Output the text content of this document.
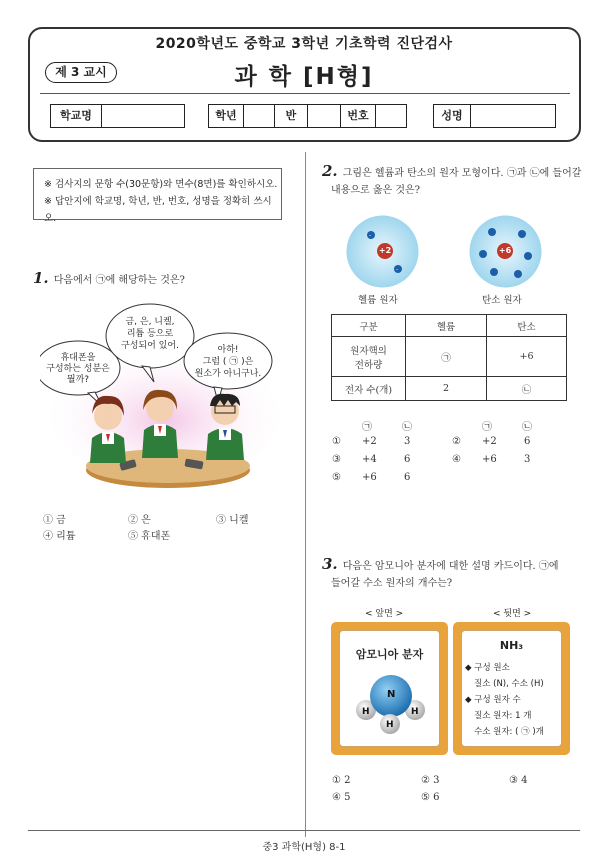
2020학년도 중학교 3학년 기초학력 진단검사
제 3 교시	과 학 [H형]
학교명	학년	반	번호	성명
※ 검사지의 문항 수(30문항)와 면수(8면)를 확인하시오.
※ 답안지에 학교명, 학년, 반, 번호, 성명을 정확히 쓰시오.
1. 다음에서 ㉠에 해당하는 것은?
휴대폰을
구성하는 성분은
뭘까?
금, 은, 니켈,
리튬 등으로
구성되어 있어.	아하!
그럼 ( ㉠ )은
원소가 아니구나.
① 금	② 은	③ 니켈
④ 리튬	⑤ 휴대폰
2. 그림은 헬륨과 탄소의 원자 모형이다. ㉠과 ㉡에 들어갈
내용으로 옳은 것은?
-
-
+2
헬륨 원자
+6
탄소 원자
구분	헬륨	탄소

원자핵의
전하량	㉠	+6
전자 수(개)	2	㉡
㉠	㉡	㉠	㉡
① +2	3	② +2	6
③ +4	6	④ +6	3
⑤ +6	6
3. 다음은 암모니아 분자에 대한 설명 카드이다. ㉠에
들어갈 수소 원자의 개수는?
< 앞면 >	< 뒷면 >
암모니아 분자
N
H	H
H
NH₃
◆ 구성 원소
질소 (N), 수소 (H)
◆ 구성 원자 수
질소 원자: 1 개
수소 원자: ( ㉠ )개
① 2	② 3	③ 4
④ 5	⑤ 6
중3 과학(H형) 8-1
